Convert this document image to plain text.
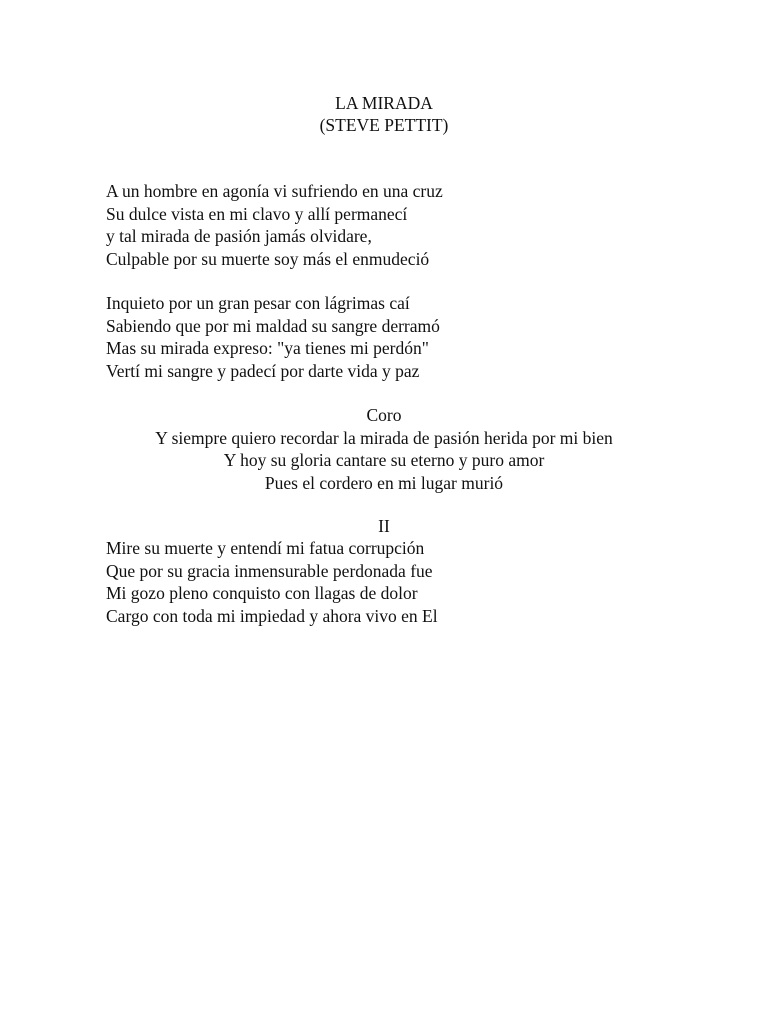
LA MIRADA
(STEVE PETTIT)
A un hombre en agonía vi sufriendo en una cruz
Su dulce vista en mi clavo y allí permanecí
y tal mirada de pasión jamás olvidare,
Culpable por su muerte soy más el enmudeció
Inquieto por un gran pesar con lágrimas caí
Sabiendo que por mi maldad su sangre derramó
Mas su mirada expreso: "ya tienes mi perdón"
Vertí mi sangre y padecí por darte vida y paz
Coro
Y siempre quiero recordar la mirada de pasión herida por mi bien
Y hoy su gloria cantare su eterno y puro amor
Pues el cordero en mi lugar murió
II
Mire su muerte y entendí mi fatua corrupción
Que por su gracia inmensurable perdonada fue
Mi gozo pleno conquisto con llagas de dolor
Cargo con toda mi impiedad y ahora vivo en El
